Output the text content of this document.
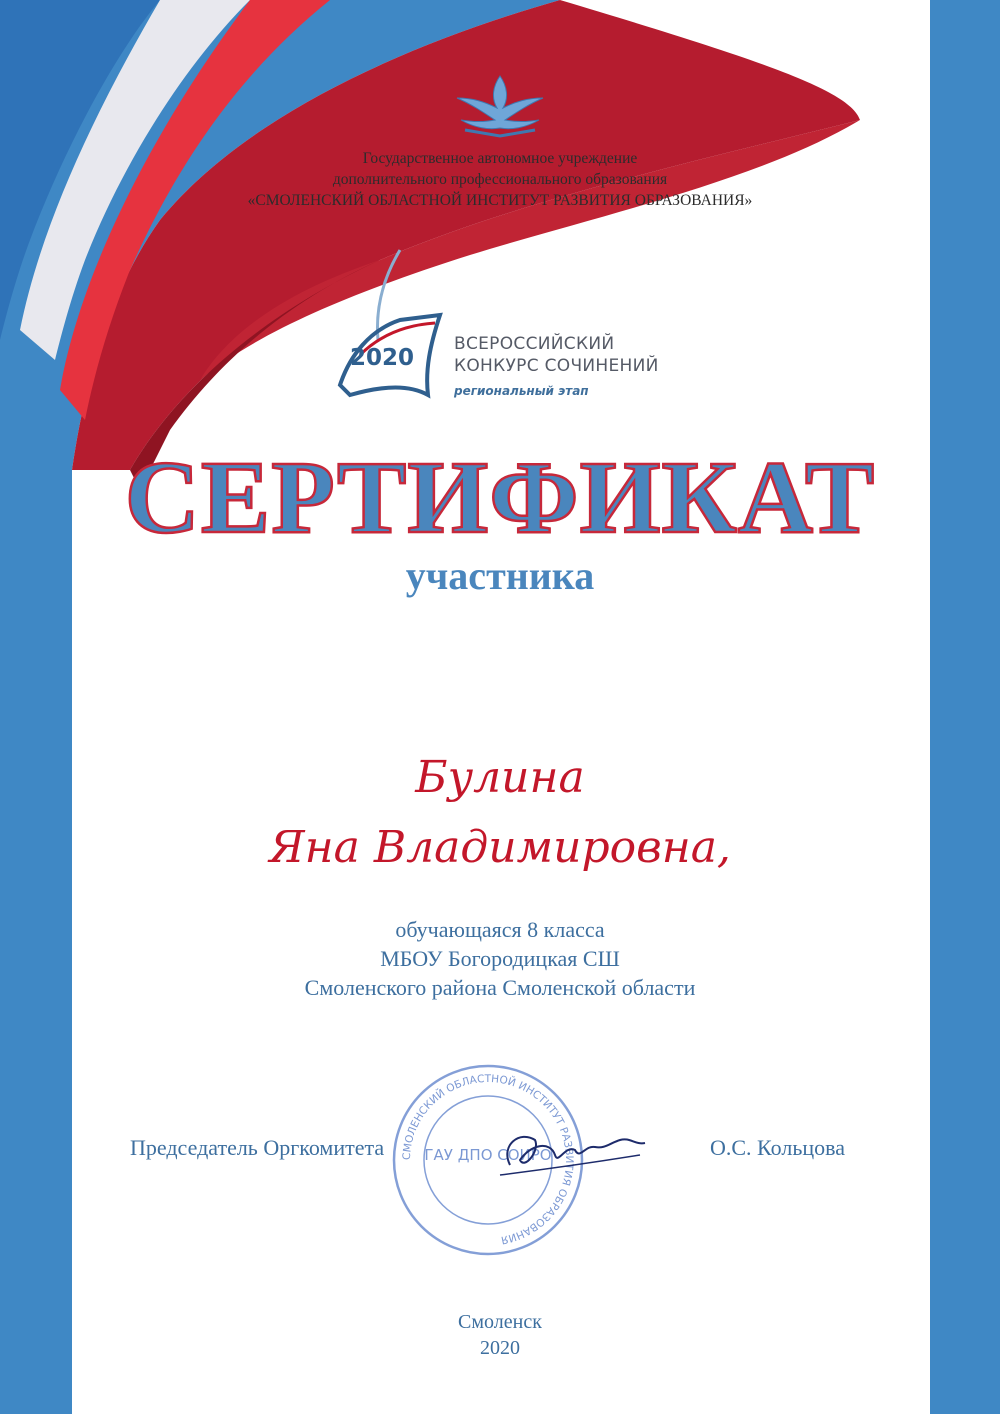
Государственное автономное учреждение
дополнительного профессионального образования
«СМОЛЕНСКИЙ ОБЛАСТНОЙ ИНСТИТУТ РАЗВИТИЯ ОБРАЗОВАНИЯ»
2020
ВСЕРОССИЙСКИЙ
КОНКУРС СОЧИНЕНИЙ
региональный этап
СЕРТИФИКАТ
участника
Булина
Яна Владимировна,
обучающаяся 8 класса
МБОУ Богородицкая СШ
Смоленского района Смоленской области
СМОЛЕНСКИЙ ОБЛАСТНОЙ ИНСТИТУТ РАЗВИТИЯ ОБРАЗОВАНИЯ
ГАУ ДПО СОИРО
Председатель Оргкомитета	О.С. Кольцова
Смоленск
2020
